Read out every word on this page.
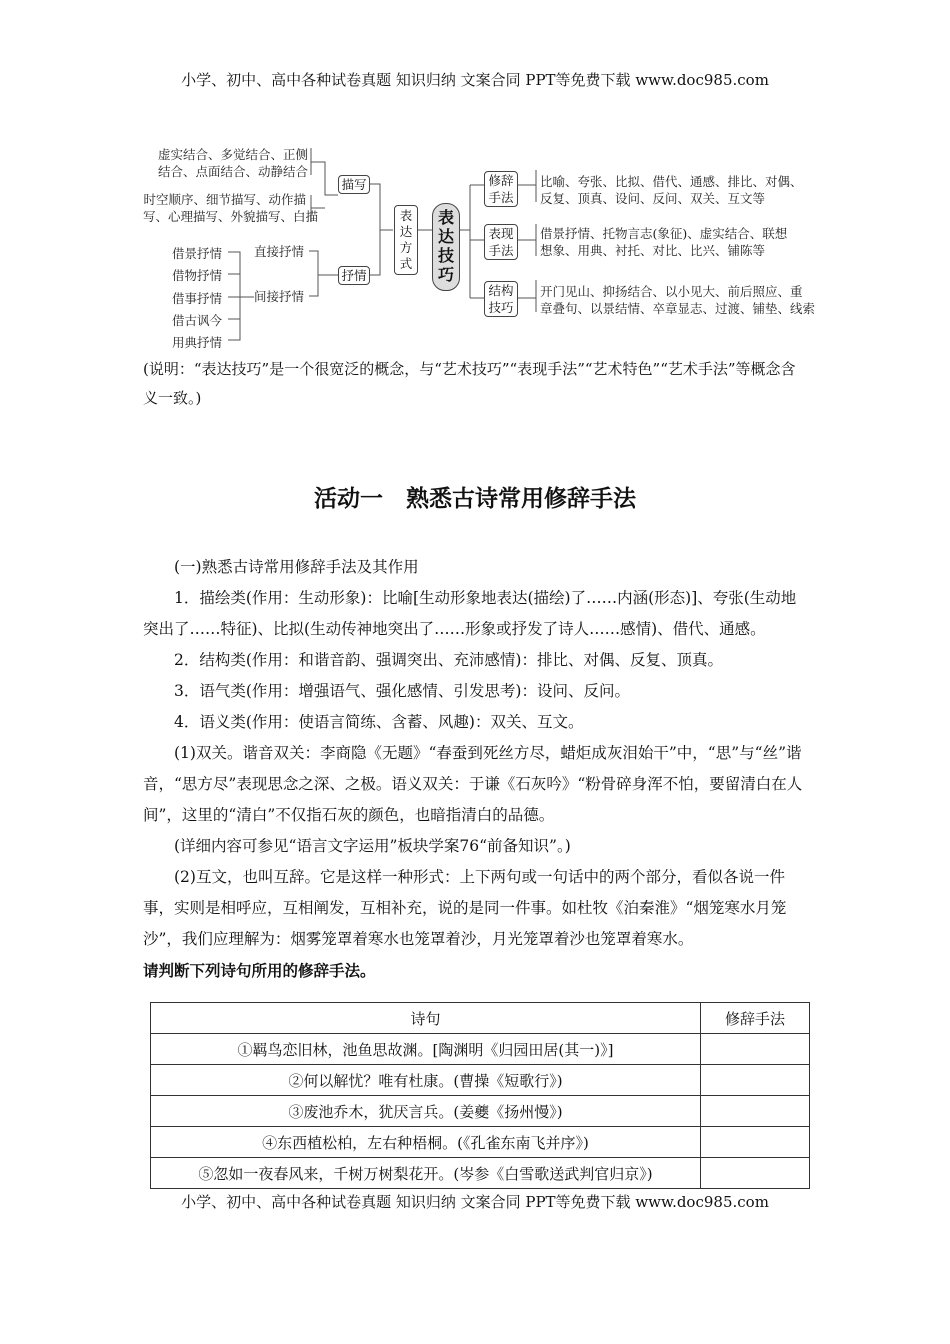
小学、初中、高中各种试卷真题 知识归纳 文案合同 PPT等免费下载 www.doc985.com
虚实结合、多觉结合、正侧
结合、点面结合、动静结合
时空顺序、细节描写、动作描
写、心理描写、外貌描写、白描
描写
抒情
直接抒情
间接抒情
借景抒情
借物抒情
借事抒情
借古讽今
用典抒情
表达方式
表达技巧
修辞
手法
表现
手法
结构
技巧
比喻、夸张、比拟、借代、通感、排比、对偶、
反复、顶真、设问、反问、双关、互文等
借景抒情、托物言志(象征)、虚实结合、联想
想象、用典、衬托、对比、比兴、铺陈等
开门见山、抑扬结合、以小见大、前后照应、重
章叠句、以景结情、卒章显志、过渡、铺垫、线索
(说明：“表达技巧”是一个很宽泛的概念，与“艺术技巧”“表现手法”“艺术特色”“艺术手法”等概念含义一致。)
活动一　熟悉古诗常用修辞手法
(一)熟悉古诗常用修辞手法及其作用
1．描绘类(作用：生动形象)：比喻[生动形象地表达(描绘)了……内涵(形态)]、夸张(生动地突出了……特征)、比拟(生动传神地突出了……形象或抒发了诗人……感情)、借代、通感。
2．结构类(作用：和谐音韵、强调突出、充沛感情)：排比、对偶、反复、顶真。
3．语气类(作用：增强语气、强化感情、引发思考)：设问、反问。
4．语义类(作用：使语言简练、含蓄、风趣)：双关、互文。
(1)双关。谐音双关：李商隐《无题》“春蚕到死丝方尽，蜡炬成灰泪始干”中，“思”与“丝”谐音，“思方尽”表现思念之深、之极。语义双关：于谦《石灰吟》“粉骨碎身浑不怕，要留清白在人间”，这里的“清白”不仅指石灰的颜色，也暗指清白的品德。
(详细内容可参见“语言文字运用”板块学案76“前备知识”。)
(2)互文，也叫互辞。它是这样一种形式：上下两句或一句话中的两个部分，看似各说一件事，实则是相呼应，互相阐发，互相补充，说的是同一件事。如杜牧《泊秦淮》“烟笼寒水月笼沙”，我们应理解为：烟雾笼罩着寒水也笼罩着沙，月光笼罩着沙也笼罩着寒水。
请判断下列诗句所用的修辞手法。
诗句	修辞手法
①羁鸟恋旧林，池鱼思故渊。[陶渊明《归园田居(其一)》]	
②何以解忧？唯有杜康。(曹操《短歌行》)	
③废池乔木，犹厌言兵。(姜夔《扬州慢》)	
④东西植松柏，左右种梧桐。(《孔雀东南飞并序》)	
⑤忽如一夜春风来，千树万树梨花开。(岑参《白雪歌送武判官归京》)	
小学、初中、高中各种试卷真题 知识归纳 文案合同 PPT等免费下载 www.doc985.com
